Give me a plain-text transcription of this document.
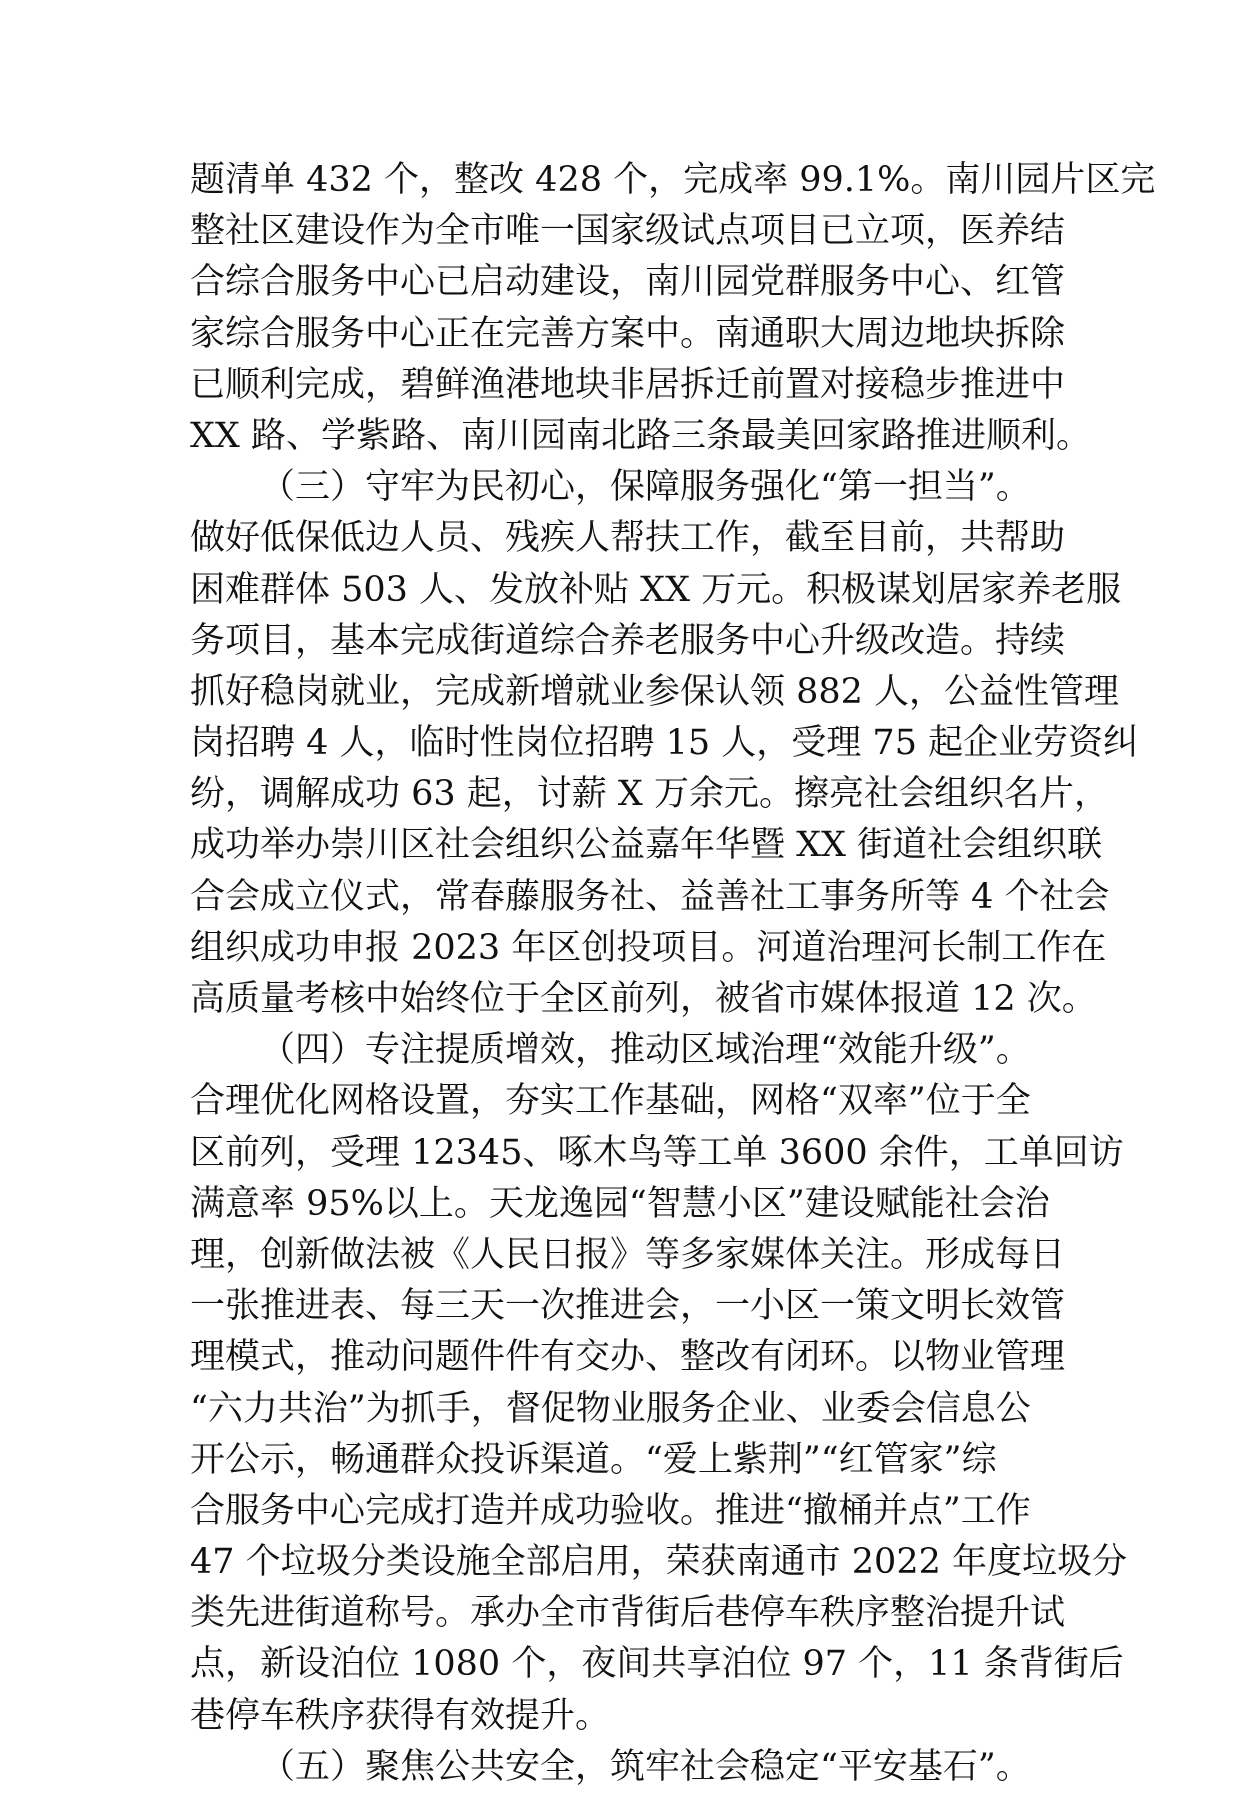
题清单 432 个，整改 428 个，完成率 99.1%。南川园片区完
整社区建设作为全市唯一国家级试点项目已立项，医养结
合综合服务中心已启动建设，南川园党群服务中心、红管
家综合服务中心正在完善方案中。南通职大周边地块拆除
已顺利完成，碧鲜渔港地块非居拆迁前置对接稳步推进中
XX 路、学紫路、南川园南北路三条最美回家路推进顺利。
（三）守牢为民初心，保障服务强化“第一担当”。
做好低保低边人员、残疾人帮扶工作，截至目前，共帮助
困难群体 503 人、发放补贴 XX 万元。积极谋划居家养老服
务项目，基本完成街道综合养老服务中心升级改造。持续
抓好稳岗就业，完成新增就业参保认领 882 人，公益性管理
岗招聘 4 人，临时性岗位招聘 15 人，受理 75 起企业劳资纠
纷，调解成功 63 起，讨薪 X 万余元。擦亮社会组织名片，
成功举办崇川区社会组织公益嘉年华暨 XX 街道社会组织联
合会成立仪式，常春藤服务社、益善社工事务所等 4 个社会
组织成功申报 2023 年区创投项目。河道治理河长制工作在
高质量考核中始终位于全区前列，被省市媒体报道 12 次。
（四）专注提质增效，推动区域治理“效能升级”。
合理优化网格设置，夯实工作基础，网格“双率”位于全
区前列，受理 12345、啄木鸟等工单 3600 余件，工单回访
满意率 95%以上。天龙逸园“智慧小区”建设赋能社会治
理，创新做法被《人民日报》等多家媒体关注。形成每日
一张推进表、每三天一次推进会，一小区一策文明长效管
理模式，推动问题件件有交办、整改有闭环。以物业管理
“六力共治”为抓手，督促物业服务企业、业委会信息公
开公示，畅通群众投诉渠道。“爱上紫荆”“红管家”综
合服务中心完成打造并成功验收。推进“撤桶并点”工作
47 个垃圾分类设施全部启用，荣获南通市 2022 年度垃圾分
类先进街道称号。承办全市背街后巷停车秩序整治提升试
点，新设泊位 1080 个，夜间共享泊位 97 个，11 条背街后
巷停车秩序获得有效提升。
（五）聚焦公共安全，筑牢社会稳定“平安基石”。
